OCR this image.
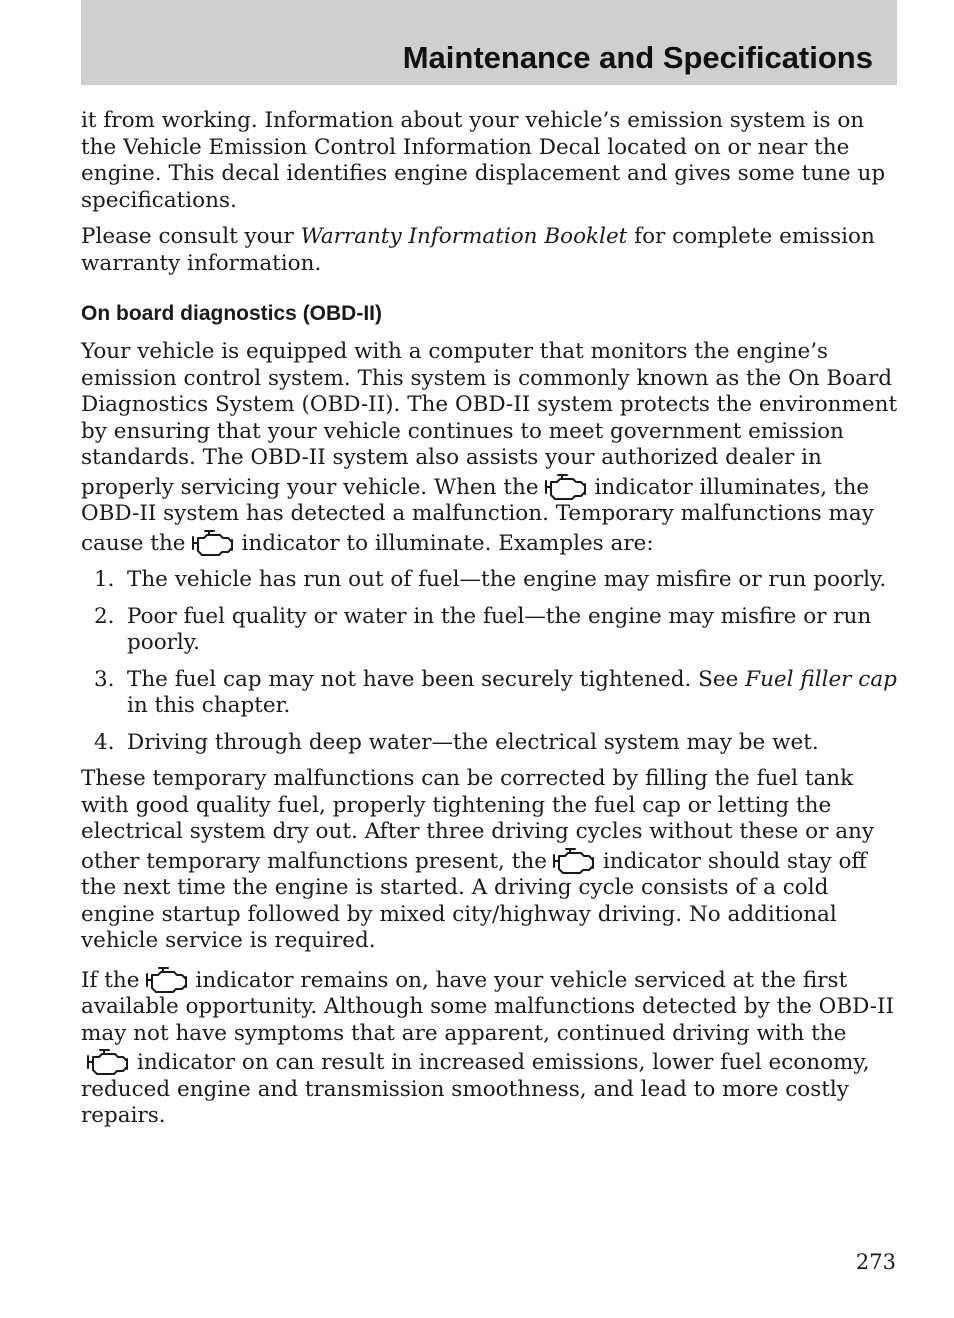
Maintenance and Specifications

it from working. Information about your vehicle’s emission system is on the Vehicle Emission Control Information Decal located on or near the engine. This decal identifies engine displacement and gives some tune up specifications.

Please consult your Warranty Information Booklet for complete emission warranty information.

On board diagnostics (OBD-II)

Your vehicle is equipped with a computer that monitors the engine’s emission control system. This system is commonly known as the On Board Diagnostics System (OBD-II). The OBD-II system protects the environment by ensuring that your vehicle continues to meet government emission standards. The OBD-II system also assists your authorized dealer in properly servicing your vehicle. When the	indicator illuminates, the OBD-II system has detected a malfunction. Temporary malfunctions may cause the	indicator to illuminate. Examples are:

1. The vehicle has run out of fuel—the engine may misfire or run poorly.
2. Poor fuel quality or water in the fuel—the engine may misfire or run poorly.
3. The fuel cap may not have been securely tightened. See Fuel filler cap in this chapter.
4. Driving through deep water—the electrical system may be wet.

These temporary malfunctions can be corrected by filling the fuel tank with good quality fuel, properly tightening the fuel cap or letting the electrical system dry out. After three driving cycles without these or any other temporary malfunctions present, the	indicator should stay off the next time the engine is started. A driving cycle consists of a cold engine startup followed by mixed city/highway driving. No additional vehicle service is required.

If the	indicator remains on, have your vehicle serviced at the first available opportunity. Although some malfunctions detected by the OBD-II may not have symptoms that are apparent, continued driving with the
indicator on can result in increased emissions, lower fuel economy, reduced engine and transmission smoothness, and lead to more costly repairs.

273
